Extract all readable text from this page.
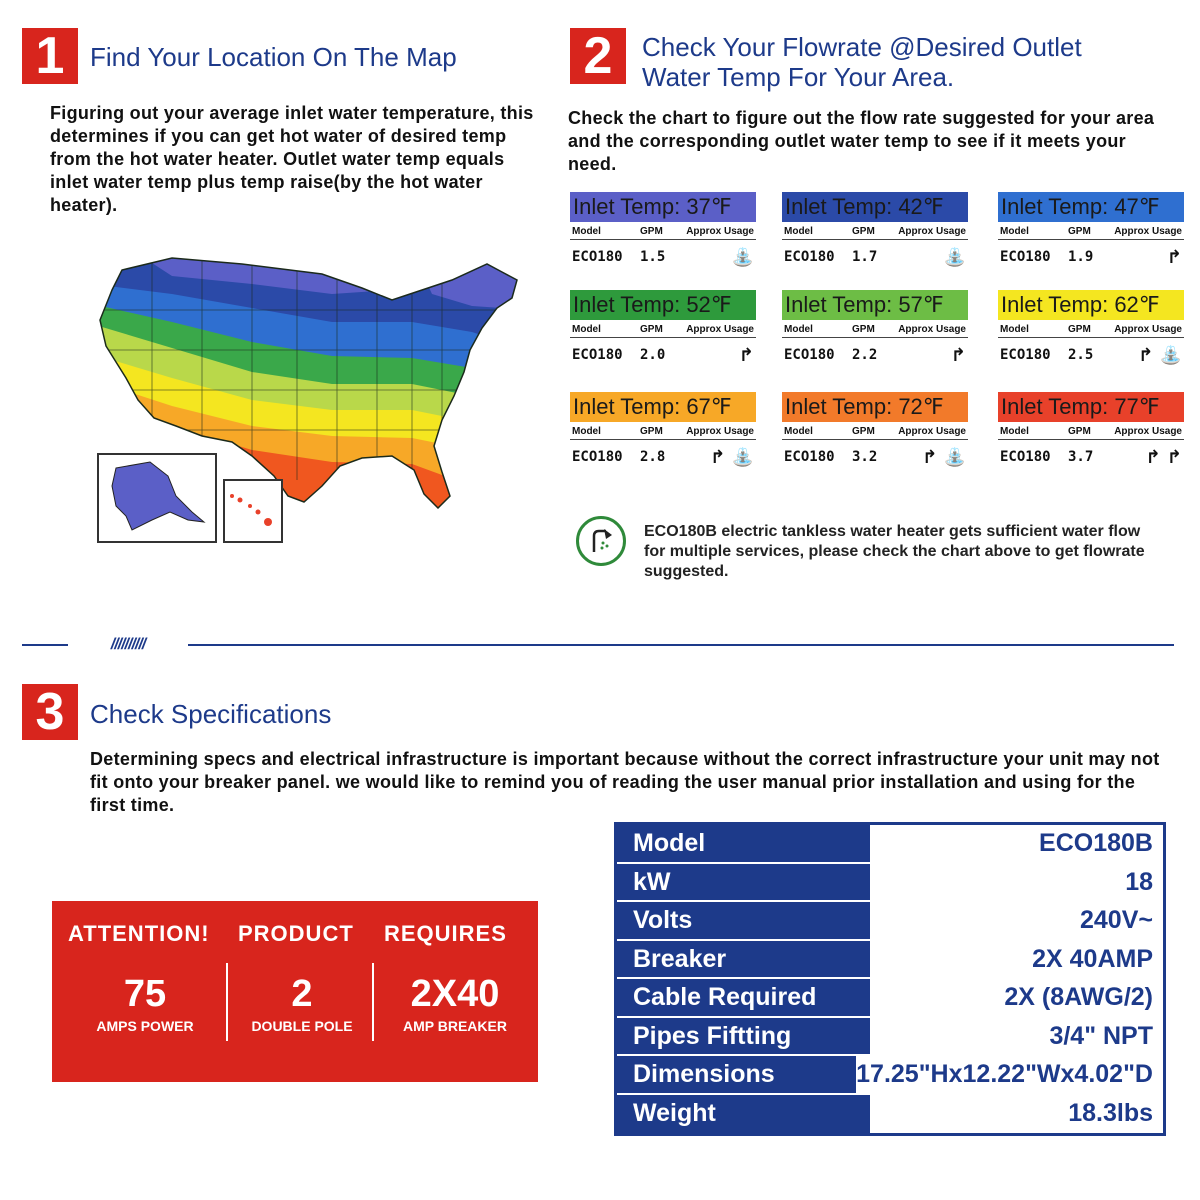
1 Find Your Location On The Map
Figuring out your average inlet water temperature, this determines if you can get hot water of desired temp from the hot water heater. Outlet water temp equals inlet water temp plus temp raise(by the hot water heater).
2	Check Your Flowrate @Desired Outlet
Water Temp For Your Area.
Check the chart to figure out the flow rate suggested for your area and the corresponding outlet water temp to see if it meets your need.
Inlet Temp: 37℉
Model	GPM	Approx Usage
ECO180	1.5	⛲
Inlet Temp: 42℉
Model	GPM	Approx Usage
ECO180	1.7	⛲
Inlet Temp: 47℉
Model	GPM	Approx Usage
ECO180	1.9	↱
Inlet Temp: 52℉
Model	GPM	Approx Usage
ECO180	2.0	↱
Inlet Temp: 57℉
Model	GPM	Approx Usage
ECO180	2.2	↱
Inlet Temp: 62℉
Model	GPM	Approx Usage
ECO180	2.5	↱ ⛲
Inlet Temp: 67℉
Model	GPM	Approx Usage
ECO180	2.8	↱ ⛲
Inlet Temp: 72℉
Model	GPM	Approx Usage
ECO180	3.2	↱ ⛲
Inlet Temp: 77℉
Model	GPM	Approx Usage
ECO180	3.7	↱ ↱
ECO180B electric tankless water heater gets sufficient water flow for multiple services, please check the chart above to get flowrate suggested.
//////////
3 Check Specifications
Determining specs and electrical infrastructure is important because without the correct infrastructure your unit may not fit onto your breaker panel. we would like to remind you of reading the user manual prior installation and using for the first time.
ATTENTION! PRODUCT REQUIRES
75
AMPS POWER
2
DOUBLE POLE
2X40
AMP BREAKER
Model	ECO180B
kW	18
Volts	240V~
Breaker	2X 40AMP
Cable Required	2X (8AWG/2)
Pipes Fiftting	3/4" NPT
Dimensions	17.25"Hx12.22"Wx4.02"D
Weight	18.3lbs
